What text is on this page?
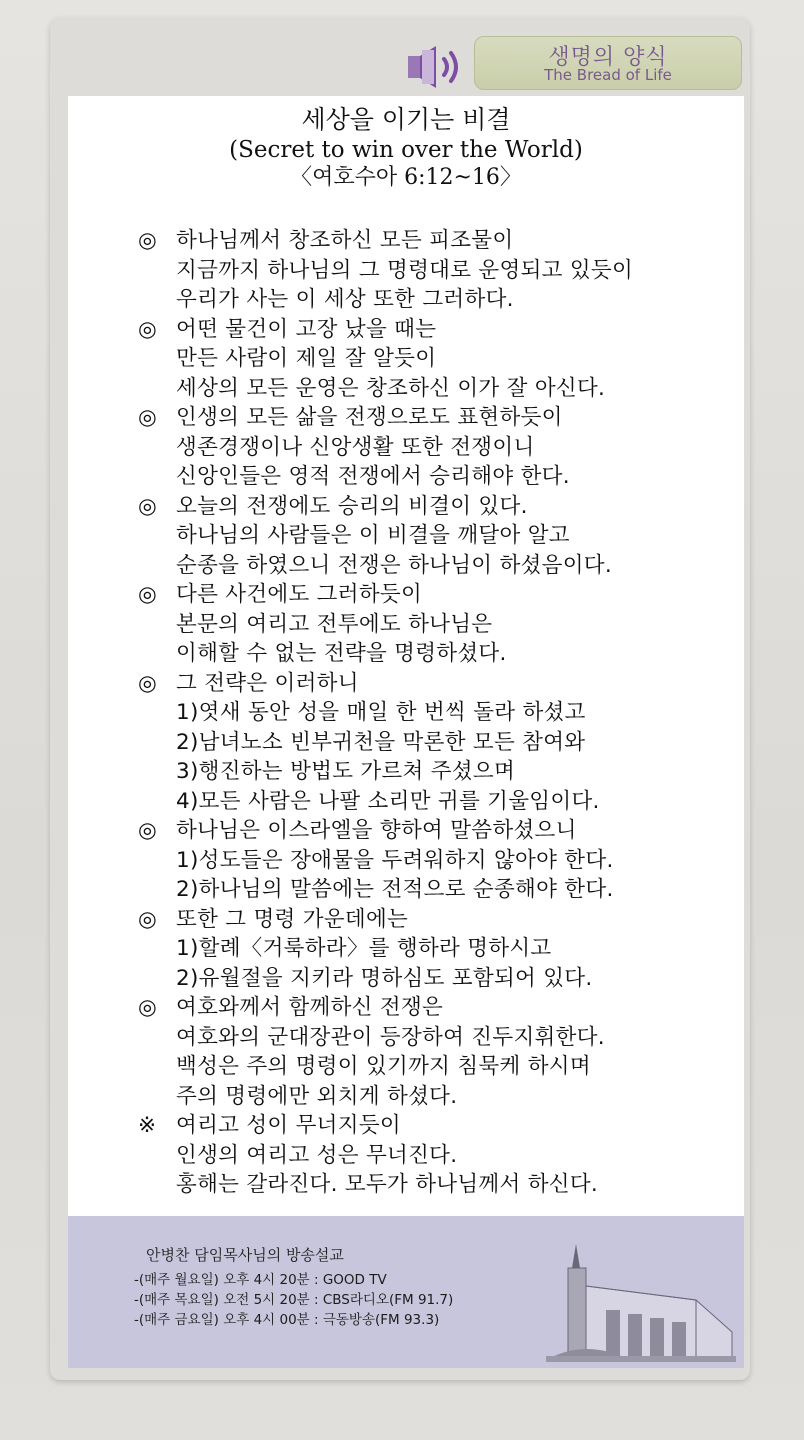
생명의 양식
The Bread of Life
세상을 이기는 비결
(Secret to win over the World)
〈여호수아 6:12~16〉
◎ 하나님께서 창조하신 모든 피조물이
지금까지 하나님의 그 명령대로 운영되고 있듯이
우리가 사는 이 세상 또한 그러하다.
◎ 어떤 물건이 고장 났을 때는
만든 사람이 제일 잘 알듯이
세상의 모든 운영은 창조하신 이가 잘 아신다.
◎ 인생의 모든 삶을 전쟁으로도 표현하듯이
생존경쟁이나 신앙생활 또한 전쟁이니
신앙인들은 영적 전쟁에서 승리해야 한다.
◎ 오늘의 전쟁에도 승리의 비결이 있다.
하나님의 사람들은 이 비결을 깨달아 알고
순종을 하였으니 전쟁은 하나님이 하셨음이다.
◎ 다른 사건에도 그러하듯이
본문의 여리고 전투에도 하나님은
이해할 수 없는 전략을 명령하셨다.
◎ 그 전략은 이러하니
1)엿새 동안 성을 매일 한 번씩 돌라 하셨고
2)남녀노소 빈부귀천을 막론한 모든 참여와
3)행진하는 방법도 가르쳐 주셨으며
4)모든 사람은 나팔 소리만 귀를 기울임이다.
◎ 하나님은 이스라엘을 향하여 말씀하셨으니
1)성도들은 장애물을 두려워하지 않아야 한다.
2)하나님의 말씀에는 전적으로 순종해야 한다.
◎ 또한 그 명령 가운데에는
1)할례〈거룩하라〉를 행하라 명하시고
2)유월절을 지키라 명하심도 포함되어 있다.
◎ 여호와께서 함께하신 전쟁은
여호와의 군대장관이 등장하여 진두지휘한다.
백성은 주의 명령이 있기까지 침묵케 하시며
주의 명령에만 외치게 하셨다.
※ 여리고 성이 무너지듯이
인생의 여리고 성은 무너진다.
홍해는 갈라진다. 모두가 하나님께서 하신다.
안병찬 담임목사님의 방송설교
-(매주 월요일) 오후 4시 20분 : GOOD TV
-(매주 목요일) 오전 5시 20분 : CBS라디오(FM 91.7)
-(매주 금요일) 오후 4시 00분 : 극동방송(FM 93.3)
